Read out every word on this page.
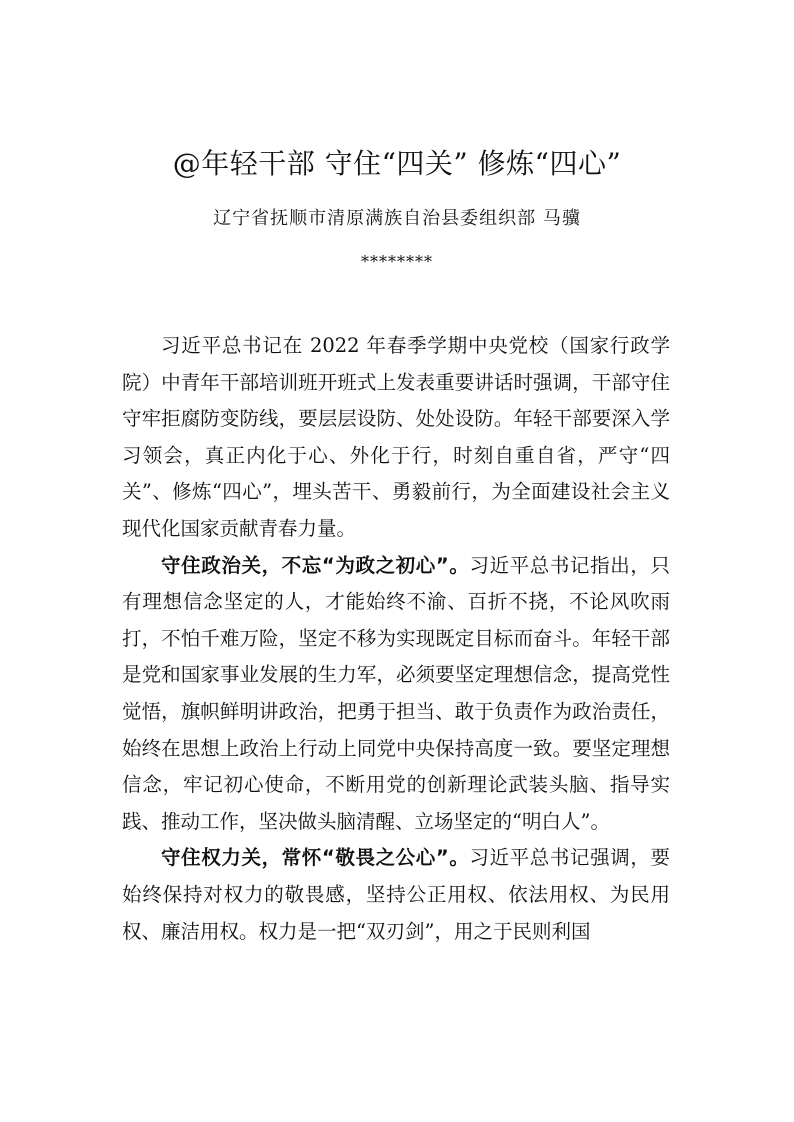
@年轻干部 守住“四关” 修炼“四心”
辽宁省抚顺市清原满族自治县委组织部 马骥
********

习近平总书记在 2022 年春季学期中央党校（国家行政学院）中青年干部培训班开班式上发表重要讲话时强调，干部守住守牢拒腐防变防线，要层层设防、处处设防。年轻干部要深入学习领会，真正内化于心、外化于行，时刻自重自省，严守“四关”、修炼“四心”，埋头苦干、勇毅前行，为全面建设社会主义现代化国家贡献青春力量。

守住政治关，不忘“为政之初心”。习近平总书记指出，只有理想信念坚定的人，才能始终不渝、百折不挠，不论风吹雨打，不怕千难万险，坚定不移为实现既定目标而奋斗。年轻干部是党和国家事业发展的生力军，必须要坚定理想信念，提高党性觉悟，旗帜鲜明讲政治，把勇于担当、敢于负责作为政治责任，始终在思想上政治上行动上同党中央保持高度一致。要坚定理想信念，牢记初心使命，不断用党的创新理论武装头脑、指导实践、推动工作，坚决做头脑清醒、立场坚定的“明白人”。

守住权力关，常怀“敬畏之公心”。习近平总书记强调，要始终保持对权力的敬畏感，坚持公正用权、依法用权、为民用权、廉洁用权。权力是一把“双刃剑”，用之于民则利国
